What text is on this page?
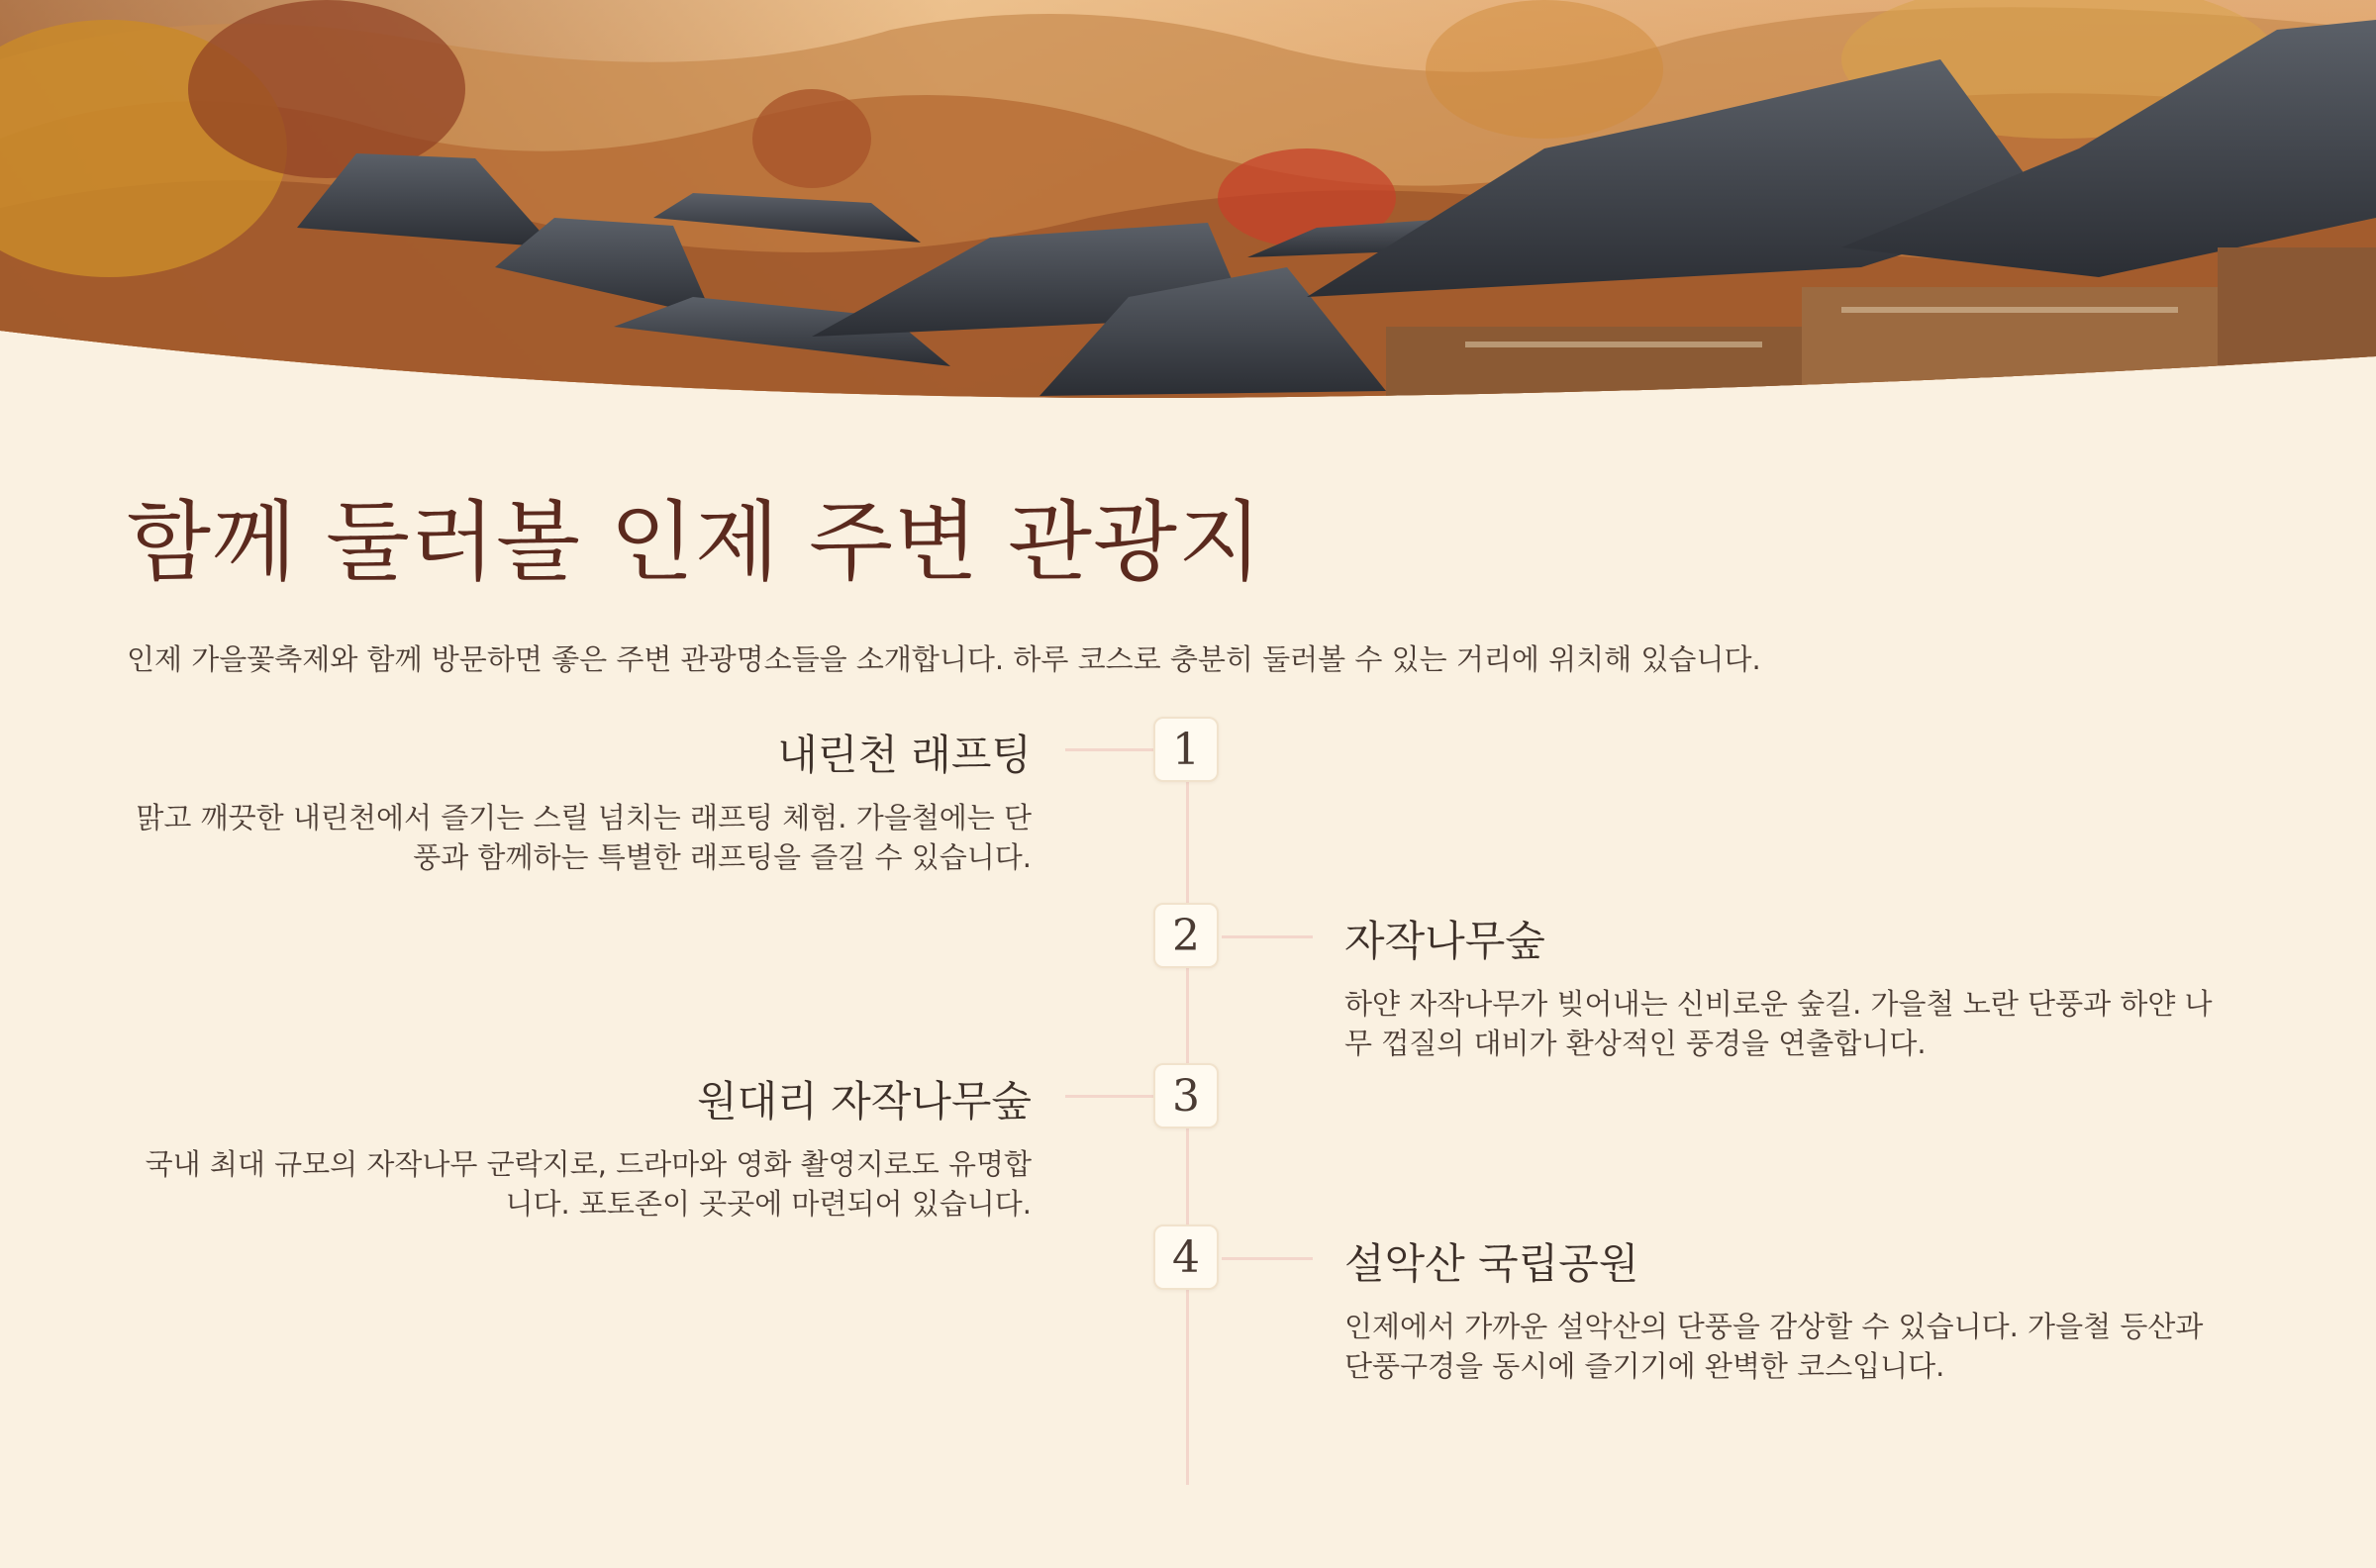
함께 둘러볼 인제 주변 관광지

인제 가을꽃축제와 함께 방문하면 좋은 주변 관광명소들을 소개합니다. 하루 코스로 충분히 둘러볼 수 있는 거리에 위치해 있습니다.

1
내린천 래프팅

맑고 깨끗한 내린천에서 즐기는 스릴 넘치는 래프팅 체험. 가을철에는 단풍과 함께하는 특별한 래프팅을 즐길 수 있습니다.

2	자작나무숲

하얀 자작나무가 빚어내는 신비로운 숲길. 가을철 노란 단풍과 하얀 나무 껍질의 대비가 환상적인 풍경을 연출합니다.

3
원대리 자작나무숲

국내 최대 규모의 자작나무 군락지로, 드라마와 영화 촬영지로도 유명합니다. 포토존이 곳곳에 마련되어 있습니다.

4	설악산 국립공원

인제에서 가까운 설악산의 단풍을 감상할 수 있습니다. 가을철 등산과 단풍구경을 동시에 즐기기에 완벽한 코스입니다.
